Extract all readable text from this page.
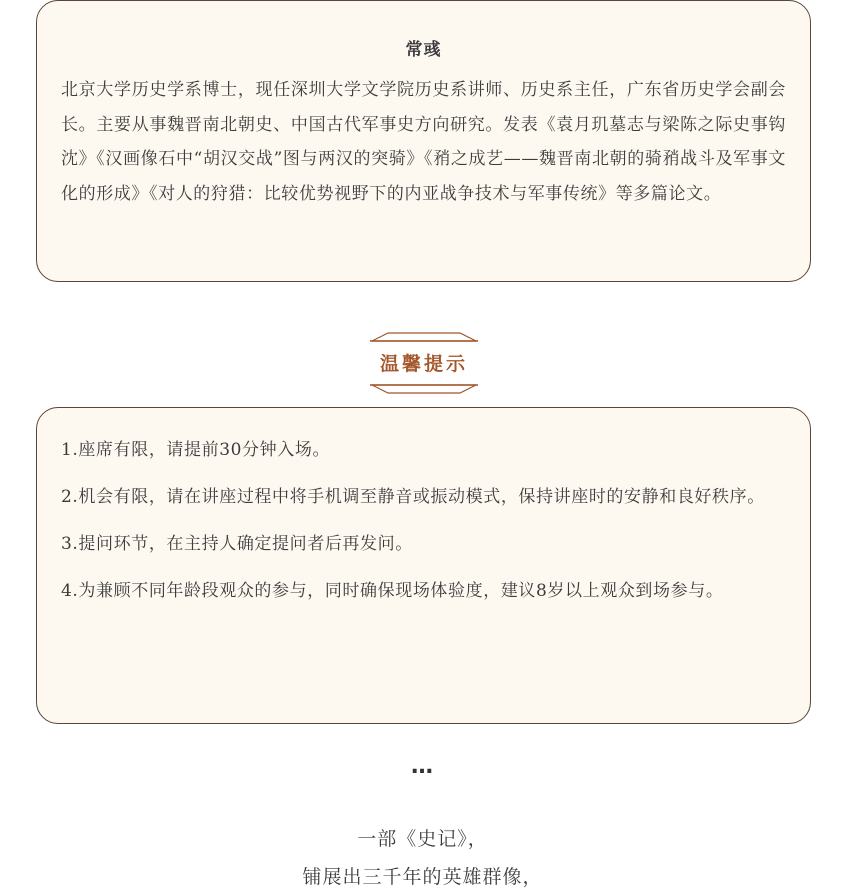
常彧
北京大学历史学系博士，现任深圳大学文学院历史系讲师、历史系主任，广东省历史学会副会长。主要从事魏晋南北朝史、中国古代军事史方向研究。发表《袁月玑墓志与梁陈之际史事钩沈》《汉画像石中“胡汉交战”图与两汉的突骑》《矟之成艺——魏晋南北朝的骑矟战斗及军事文化的形成》《对人的狩猎：比较优势视野下的内亚战争技术与军事传统》等多篇论文。
温馨提示
1.座席有限，请提前30分钟入场。
2.机会有限，请在讲座过程中将手机调至静音或振动模式，保持讲座时的安静和良好秩序。
3.提问环节，在主持人确定提问者后再发问。
4.为兼顾不同年龄段观众的参与，同时确保现场体验度，建议8岁以上观众到场参与。
…
一部《史记》，
铺展出三千年的英雄群像，
